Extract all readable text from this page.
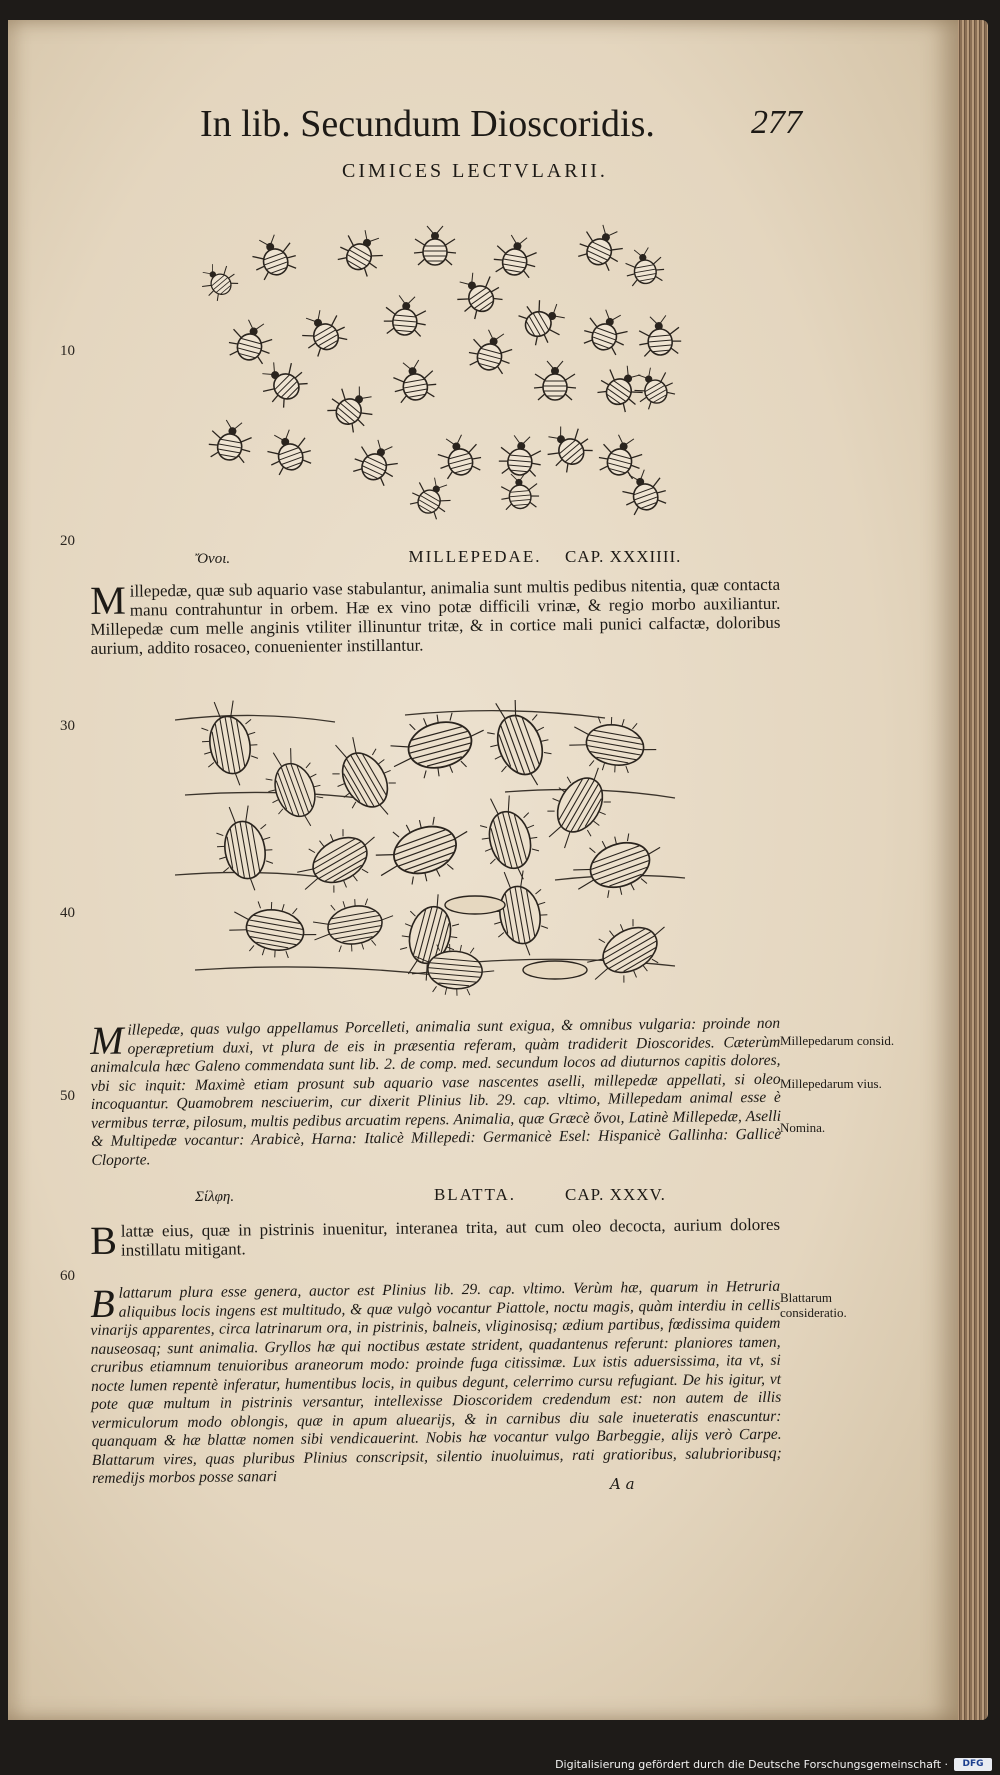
In lib. Secundum Dioscoridis.	277
CIMICES LECTVLARII.
10
20
30
40
50
60
Ὄνοι.	MILLEPEDAE.	CAP. XXXIIII.
Millepedæ, quæ sub aquario vase stabulantur, animalia sunt multis pedibus nitentia, quæ contacta manu contrahuntur in orbem. Hæ ex vino potæ difficili vrinæ, & regio morbo auxiliantur. Millepedæ cum melle anginis vtiliter illinuntur tritæ, & in cortice mali punici calfactæ, doloribus aurium, addito rosaceo, conuenienter instillantur.
Millepedæ, quas vulgo appellamus Porcelleti, animalia sunt exigua, & omnibus vulgaria: proinde non operæpretium duxi, vt plura de eis in præsentia referam, quàm tradiderit Dioscorides. Cæterùm animalcula hæc Galeno commendata sunt lib. 2. de comp. med. secundum locos ad diuturnos capitis dolores, vbi sic inquit: Maximè etiam prosunt sub aquario vase nascentes aselli, millepedæ appellati, si oleo incoquantur. Quamobrem nesciuerim, cur dixerit Plinius lib. 29. cap. vltimo, Millepedam animal esse è vermibus terræ, pilosum, multis pedibus arcuatim repens. Animalia, quæ Græcè ὄνοι, Latinè Millepedæ, Aselli & Multipedæ vocantur: Arabicè, Harna: Italicè Millepedi: Germanicè Esel: Hispanicè Gallinha: Gallicè Cloporte.
Millepedarum consid.
Millepedarum vius.
Nomina.
Σίλφη.	BLATTA.	CAP. XXXV.
Blattæ eius, quæ in pistrinis inuenitur, interanea trita, aut cum oleo decocta, aurium dolores instillatu mitigant.
Blattarum plura esse genera, auctor est Plinius lib. 29. cap. vltimo. Verùm hæ, quarum in Hetruria aliquibus locis ingens est multitudo, & quæ vulgò vocantur Piattole, noctu magis, quàm interdiu in cellis vinarijs apparentes, circa latrinarum ora, in pistrinis, balneis, vliginosisq; ædium partibus, fœdissima quidem nauseosaq; sunt animalia. Gryllos hæ qui noctibus æstate strident, quadantenus referunt: planiores tamen, cruribus etiamnum tenuioribus araneorum modo: proinde fuga citissimæ. Lux istis aduersissima, ita vt, si nocte lumen repentè inferatur, humentibus locis, in quibus degunt, celerrimo cursu refugiant. De his igitur, vt pote quæ multum in pistrinis versantur, intellexisse Dioscoridem credendum est: non autem de illis vermiculorum modo oblongis, quæ in apum aluearijs, & in carnibus diu sale inueteratis enascuntur: quanquam & hæ blattæ nomen sibi vendicauerint. Nobis hæ vocantur vulgo Barbeggie, alijs verò Carpe. Blattarum vires, quas pluribus Plinius conscripsit, silentio inuoluimus, rati gratioribus, salubrioribusq; remedijs morbos posse sanari
Blattarum consideratio.
A a
Digitalisierung gefördert durch die Deutsche Forschungsgemeinschaft ·	DFG
